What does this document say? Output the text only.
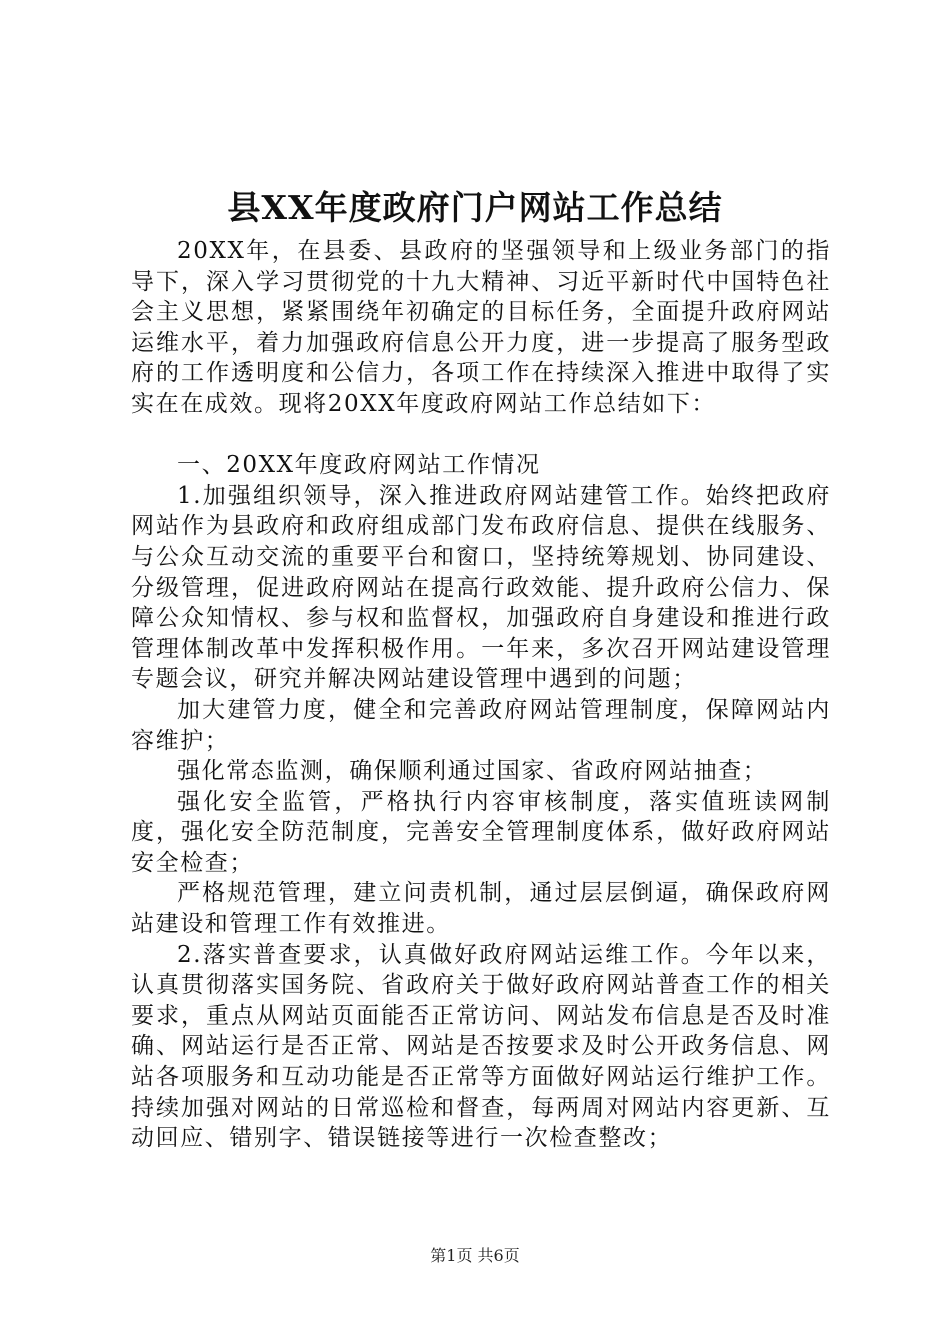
县XX年度政府门户网站工作总结

20XX年，在县委、县政府的坚强领导和上级业务部门的指导下，深入学习贯彻党的十九大精神、习近平新时代中国特色社会主义思想，紧紧围绕年初确定的目标任务，全面提升政府网站运维水平，着力加强政府信息公开力度，进一步提高了服务型政府的工作透明度和公信力，各项工作在持续深入推进中取得了实实在在成效。现将20XX年度政府网站工作总结如下：

一、20XX年度政府网站工作情况

1.加强组织领导，深入推进政府网站建管工作。始终把政府网站作为县政府和政府组成部门发布政府信息、提供在线服务、与公众互动交流的重要平台和窗口，坚持统筹规划、协同建设、分级管理，促进政府网站在提高行政效能、提升政府公信力、保障公众知情权、参与权和监督权，加强政府自身建设和推进行政管理体制改革中发挥积极作用。一年来，多次召开网站建设管理专题会议，研究并解决网站建设管理中遇到的问题；

加大建管力度，健全和完善政府网站管理制度，保障网站内容维护；

强化常态监测，确保顺利通过国家、省政府网站抽查；

强化安全监管，严格执行内容审核制度，落实值班读网制度，强化安全防范制度，完善安全管理制度体系，做好政府网站安全检查；

严格规范管理，建立问责机制，通过层层倒逼，确保政府网站建设和管理工作有效推进。

2.落实普查要求，认真做好政府网站运维工作。今年以来，认真贯彻落实国务院、省政府关于做好政府网站普查工作的相关要求，重点从网站页面能否正常访问、网站发布信息是否及时准确、网站运行是否正常、网站是否按要求及时公开政务信息、网站各项服务和互动功能是否正常等方面做好网站运行维护工作。持续加强对网站的日常巡检和督查，每两周对网站内容更新、互动回应、错别字、错误链接等进行一次检查整改；

第1页 共6页
